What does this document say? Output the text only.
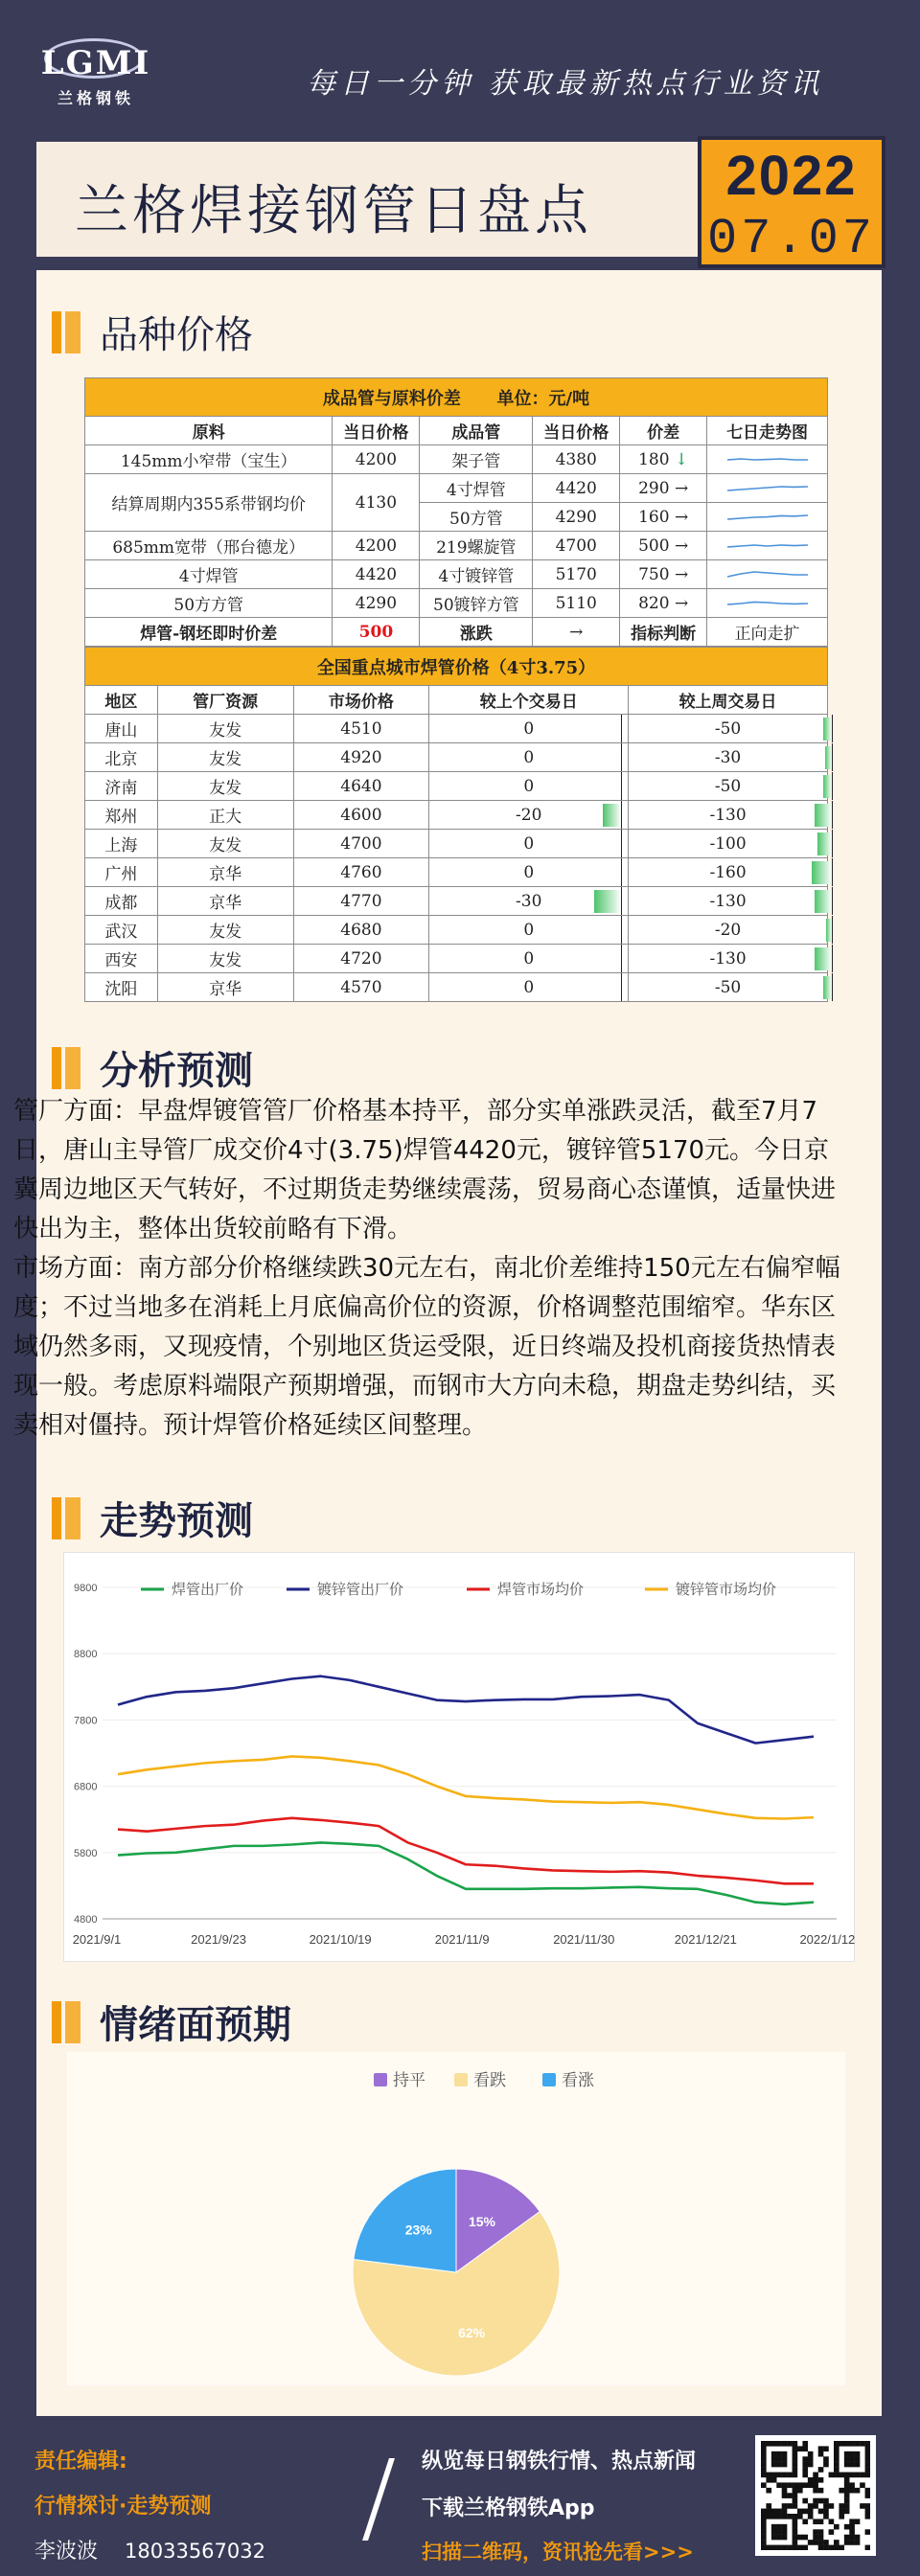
LGMI
兰格钢铁	每日一分钟 获取最新热点行业资讯
兰格焊接钢管日盘点
2022
07.07
品种价格
成品管与原料价差 单位：元/吨					
原料	当日价格	成品管	当日价格	价差	七日走势图
145mm小窄带（宝生）	4200	架子管	4380	180 ↓	

结算周期内355系带钢均价	4130	4寸焊管	4420	290 →	

		50方管	4290	160 →	

685mm宽带（邢台德龙）	4200	219螺旋管	4700	500 →	

4寸焊管	4420	4寸镀锌管	5170	750 →	

50方方管	4290	50镀锌方管	5110	820 →	

焊管-钢坯即时价差	500	涨跌	→	指标判断	正向走扩
全国重点城市焊管价格（4寸3.75）				
地区	管厂资源	市场价格	较上个交易日	较上周交易日
唐山	友发	4510	0	-50
北京	友发	4920	0	-30
济南	友发	4640	0	-50
郑州	正大	4600	-20	-130
上海	友发	4700	0	-100
广州	京华	4760	0	-160
成都	京华	4770	-30	-130
武汉	友发	4680	0	-20
西安	友发	4720	0	-130
沈阳	京华	4570	0	-50
分析预测

管厂方面：早盘焊镀管管厂价格基本持平，部分实单涨跌灵活，截至7月7日，唐山主导管厂成交价4寸(3.75)焊管4420元，镀锌管5170元。今日京冀周边地区天气转好，不过期货走势继续震荡，贸易商心态谨慎，适量快进快出为主，整体出货较前略有下滑。

市场方面：南方部分价格继续跌30元左右，南北价差维持150元左右偏窄幅度；不过当地多在消耗上月底偏高价位的资源，价格调整范围缩窄。华东区域仍然多雨，又现疫情，个别地区货运受限，近日终端及投机商接货热情表现一般。考虑原料端限产预期增强，而钢市大方向未稳，期盘走势纠结，买卖相对僵持。预计焊管价格延续区间整理。

走势预测
9800
8800
7800
6800
5800
4800
2021/9/1	2021/9/23	2021/10/19	2021/11/9	2021/11/30	2021/12/21	2022/1/12
焊管出厂价	镀锌管出厂价	焊管市场均价	镀锌管市场均价
情绪面预期
持平	看跌	看涨
15%
62%
23%
责任编辑:
行情探讨·走势预测
李波波 18033567032
纵览每日钢铁行情、热点新闻
下载兰格钢铁App
扫描二维码，资讯抢先看>>>
